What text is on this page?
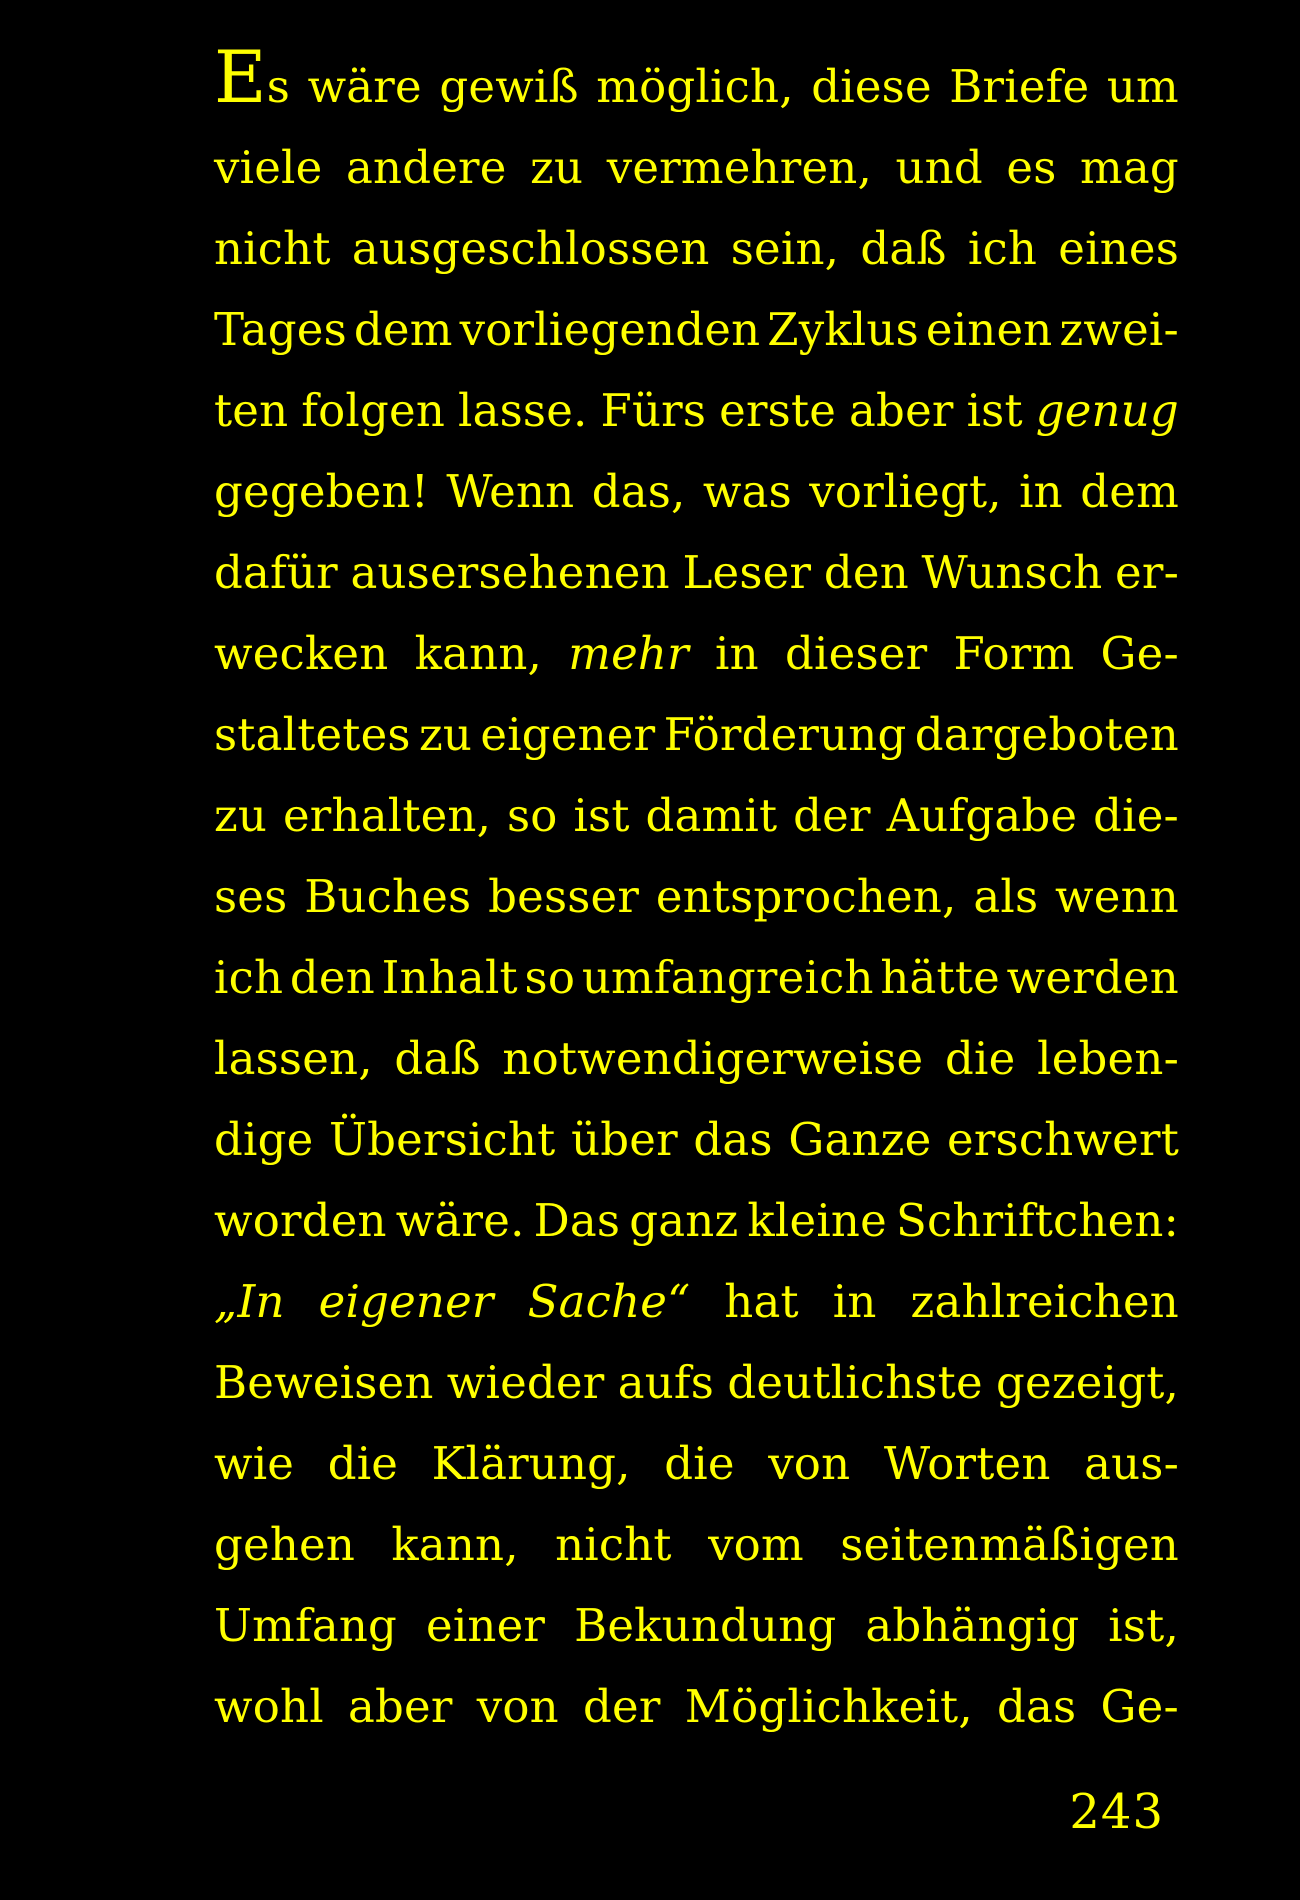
Es wäre gewiß möglich, diese Briefe um
viele andere zu vermehren, und es mag
nicht ausgeschlossen sein, daß ich eines
Tages dem vorliegenden Zyklus einen zwei-
ten folgen lasse. Fürs erste aber ist genug
gegeben! Wenn das, was vorliegt, in dem
dafür ausersehenen Leser den Wunsch er-
wecken kann, mehr in dieser Form Ge-
staltetes zu eigener Förderung dargeboten
zu erhalten, so ist damit der Aufgabe die-
ses Buches besser entsprochen, als wenn
ich den Inhalt so umfangreich hätte werden
lassen, daß notwendigerweise die leben-
dige Übersicht über das Ganze erschwert
worden wäre. Das ganz kleine Schriftchen:
„In eigener Sache“ hat in zahlreichen
Beweisen wieder aufs deutlichste gezeigt,
wie die Klärung, die von Worten aus-
gehen kann, nicht vom seitenmäßigen
Umfang einer Bekundung abhängig ist,
wohl aber von der Möglichkeit, das Ge-
243
